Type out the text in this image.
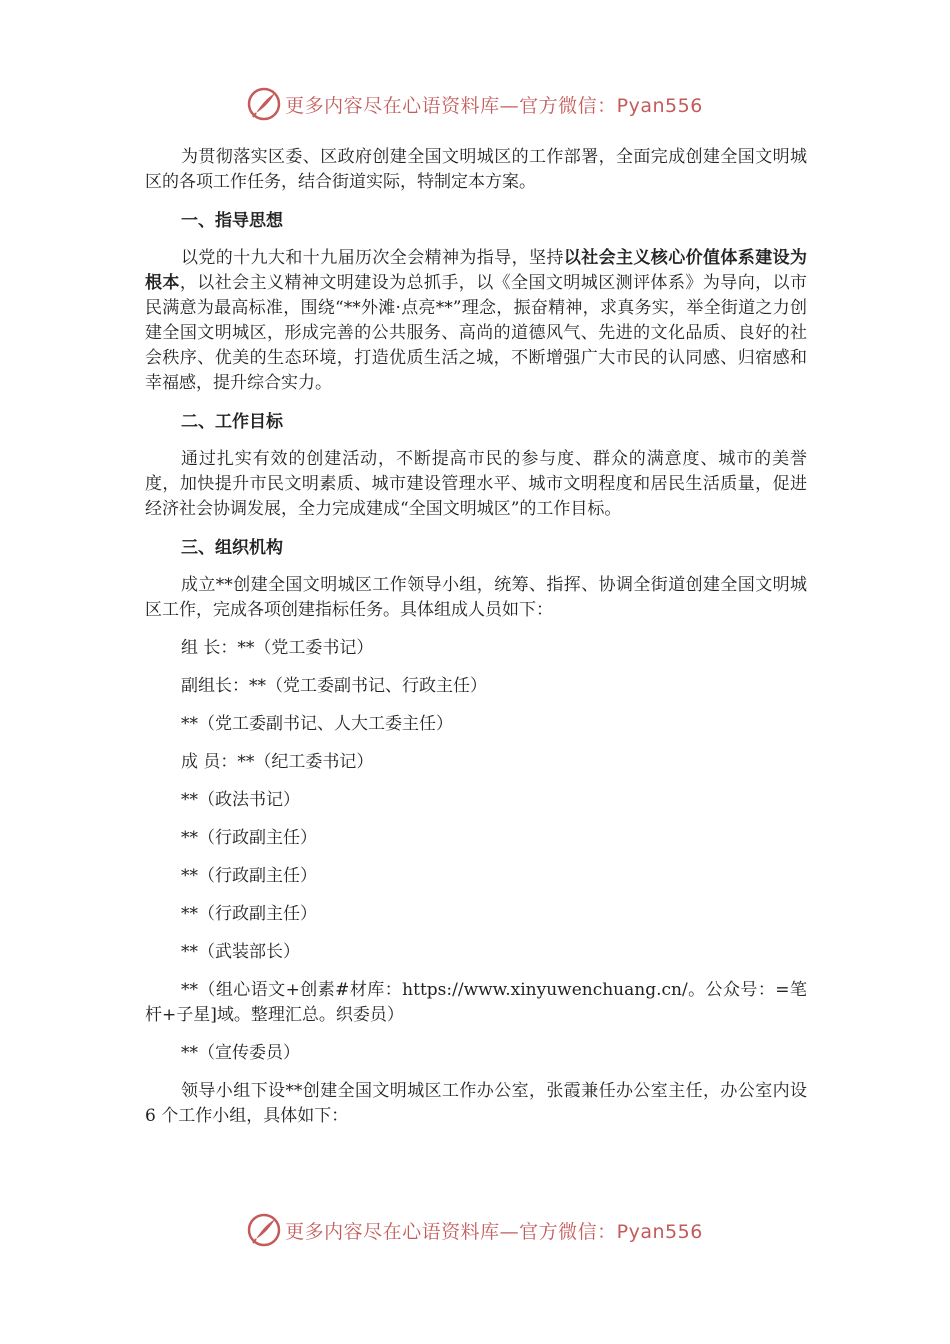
更多内容尽在心语资料库—官方微信：Pyan556

为贯彻落实区委、区政府创建全国文明城区的工作部署，全面完成创建全国文明城区的各项工作任务，结合街道实际，特制定本方案。

一、指导思想

以党的十九大和十九届历次全会精神为指导，坚持以社会主义核心价值体系建设为根本，以社会主义精神文明建设为总抓手，以《全国文明城区测评体系》为导向，以市民满意为最高标准，围绕“**外滩·点亮**”理念，振奋精神，求真务实，举全街道之力创建全国文明城区，形成完善的公共服务、高尚的道德风气、先进的文化品质、良好的社会秩序、优美的生态环境，打造优质生活之城，不断增强广大市民的认同感、归宿感和幸福感，提升综合实力。

二、工作目标

通过扎实有效的创建活动，不断提高市民的参与度、群众的满意度、城市的美誉度，加快提升市民文明素质、城市建设管理水平、城市文明程度和居民生活质量，促进经济社会协调发展，全力完成建成“全国文明城区”的工作目标。

三、组织机构

成立**创建全国文明城区工作领导小组，统筹、指挥、协调全街道创建全国文明城区工作，完成各项创建指标任务。具体组成人员如下：

组 长：**（党工委书记）

副组长：**（党工委副书记、行政主任）

**（党工委副书记、人大工委主任）

成 员：**（纪工委书记）

**（政法书记）

**（行政副主任）

**（行政副主任）

**（行政副主任）

**（武装部长）

**（组心语文+创素#材库：https://www.xinyuwenchuang.cn/。公众号：=笔杆+子星]域。整理汇总。织委员）

**（宣传委员）

领导小组下设**创建全国文明城区工作办公室，张霞兼任办公室主任，办公室内设 6 个工作小组，具体如下：

更多内容尽在心语资料库—官方微信：Pyan556
